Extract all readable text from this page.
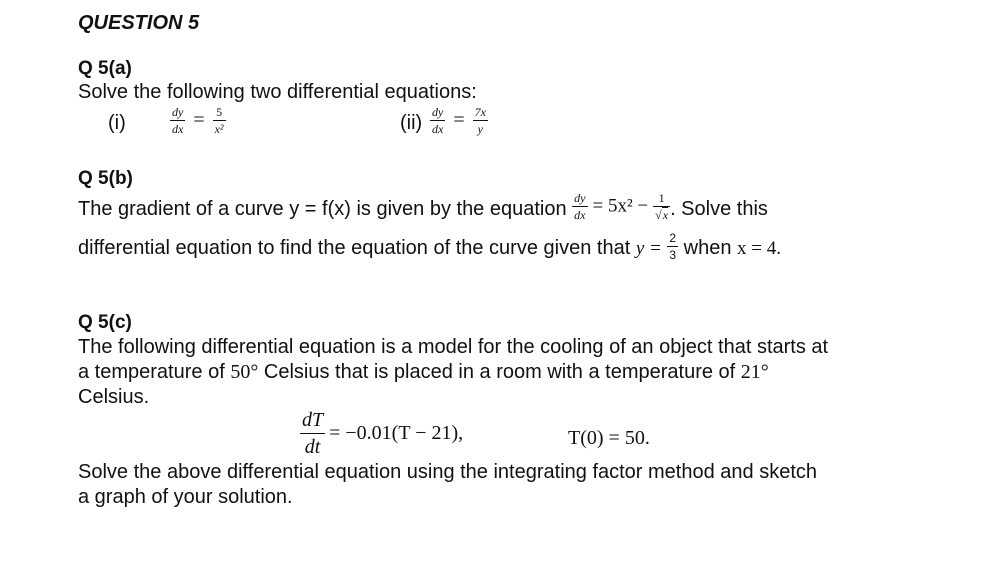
QUESTION 5
Q 5(a)
Solve the following two differential equations:
(i)	$\frac{dy}{dx} = \frac{5}{\text{x²}}$	$(ii) \frac{dy}{dx} = \frac{7x}{y}$
Q 5(b)
The gradient of a curve y = f(x) is given by the equation $\frac{dy}{dx} = 5x^2 - \frac{1}{√x}$ . Solve this
differential equation to find the equation of the curve given that $y = \frac{2}{3}$ when x = 4.
Q 5(c)
The following differential equation is a model for the cooling of an object that starts at
a temperature of 50° Celsius that is placed in a room with a temperature of 21°
Celsius.
$\frac{dT}{dt} = -0.01(T - 21)$,	T(0) = 50.
Solve the above differential equation using the integrating factor method and sketch
a graph of your solution.
